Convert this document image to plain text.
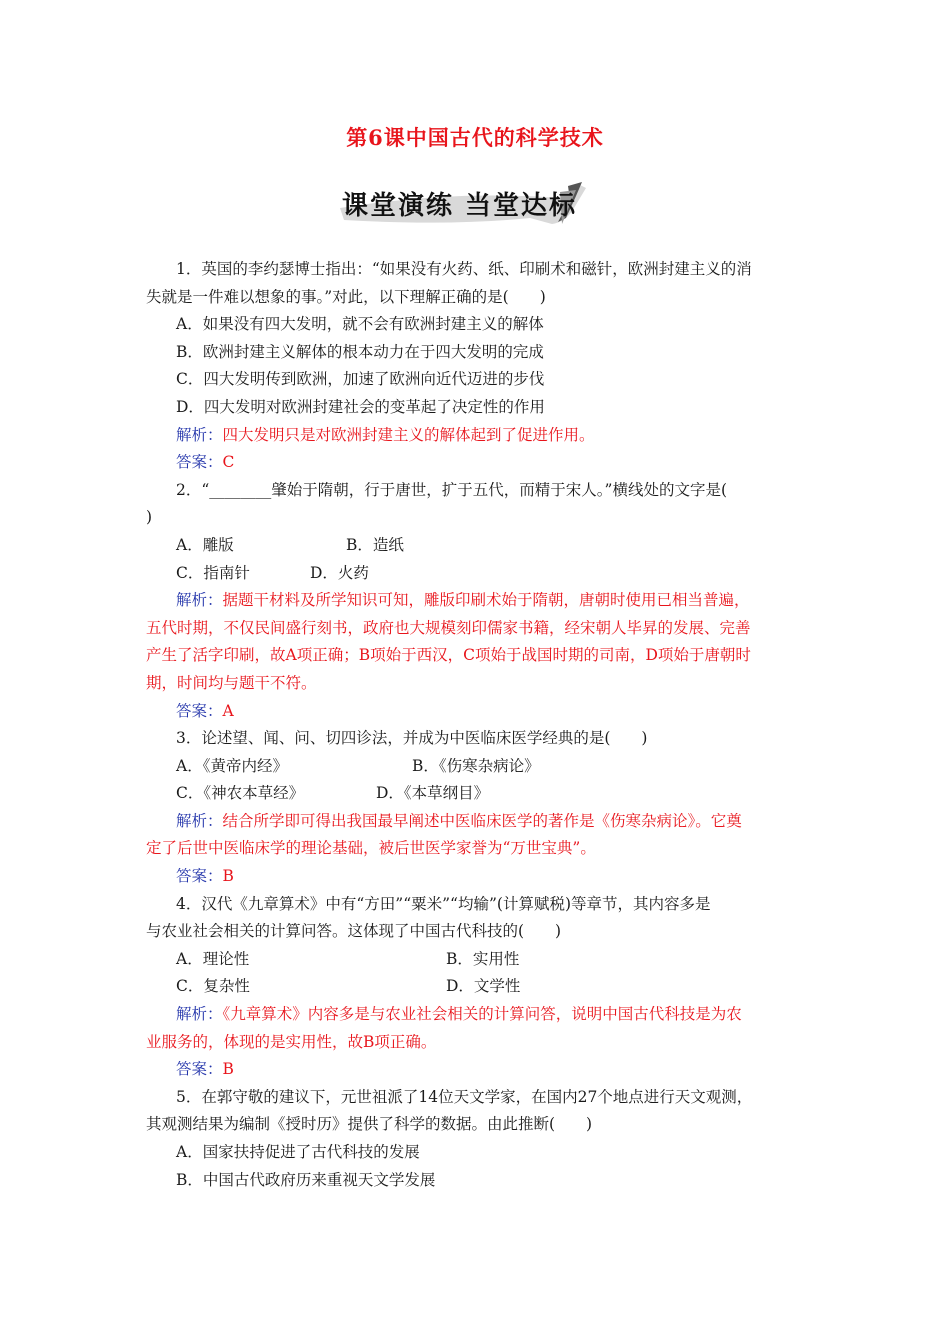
第6课中国古代的科学技术
课堂演练 当堂达标
1．英国的李约瑟博士指出：“如果没有火药、纸、印刷术和磁针，欧洲封建主义的消
失就是一件难以想象的事。”对此，以下理解正确的是(　　)
A．如果没有四大发明，就不会有欧洲封建主义的解体
B．欧洲封建主义解体的根本动力在于四大发明的完成
C．四大发明传到欧洲，加速了欧洲向近代迈进的步伐
D．四大发明对欧洲封建社会的变革起了决定性的作用
解析：四大发明只是对欧洲封建主义的解体起到了促进作用。
答案：C
2．“________肇始于隋朝，行于唐世，扩于五代，而精于宋人。”横线处的文字是(
)
A．雕版	B．造纸
C．指南针	D．火药
解析：据题干材料及所学知识可知，雕版印刷术始于隋朝，唐朝时使用已相当普遍，
五代时期，不仅民间盛行刻书，政府也大规模刻印儒家书籍，经宋朝人毕昇的发展、完善
产生了活字印刷，故A项正确；B项始于西汉，C项始于战国时期的司南，D项始于唐朝时
期，时间均与题干不符。
答案：A
3．论述望、闻、问、切四诊法，并成为中医临床医学经典的是(　　)
A．《黄帝内经》	B．《伤寒杂病论》
C．《神农本草经》	D．《本草纲目》
解析：结合所学即可得出我国最早阐述中医临床医学的著作是《伤寒杂病论》。它奠
定了后世中医临床学的理论基础，被后世医学家誉为“万世宝典”。
答案：B
4．汉代《九章算术》中有“方田”“粟米”“均输”(计算赋税)等章节，其内容多是
与农业社会相关的计算问答。这体现了中国古代科技的(　　)
A．理论性	B．实用性
C．复杂性	D．文学性
解析：《九章算术》内容多是与农业社会相关的计算问答，说明中国古代科技是为农
业服务的，体现的是实用性，故B项正确。
答案：B
5．在郭守敬的建议下，元世祖派了14位天文学家，在国内27个地点进行天文观测，
其观测结果为编制《授时历》提供了科学的数据。由此推断(　　)
A．国家扶持促进了古代科技的发展
B．中国古代政府历来重视天文学发展
